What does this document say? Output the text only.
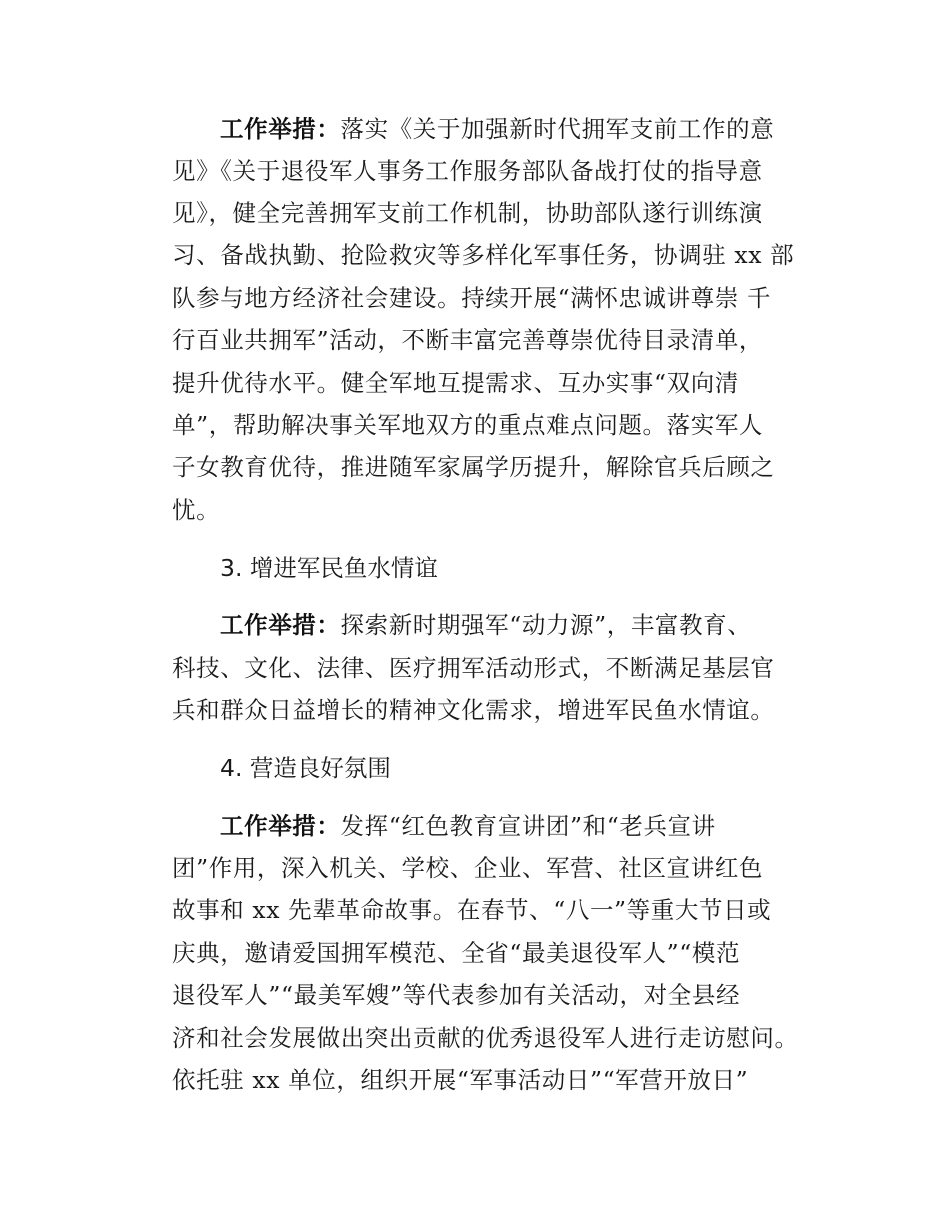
工作举措：落实《关于加强新时代拥军支前工作的意
见》《关于退役军人事务工作服务部队备战打仗的指导意
见》，健全完善拥军支前工作机制，协助部队遂行训练演
习、备战执勤、抢险救灾等多样化军事任务，协调驻 xx 部
队参与地方经济社会建设。持续开展“满怀忠诚讲尊崇 千
行百业共拥军”活动，不断丰富完善尊崇优待目录清单，
提升优待水平。健全军地互提需求、互办实事“双向清
单”，帮助解决事关军地双方的重点难点问题。落实军人
子女教育优待，推进随军家属学历提升，解除官兵后顾之
忧。
3. 增进军民鱼水情谊
工作举措：探索新时期强军“动力源”，丰富教育、
科技、文化、法律、医疗拥军活动形式，不断满足基层官
兵和群众日益增长的精神文化需求，增进军民鱼水情谊。
4. 营造良好氛围
工作举措：发挥“红色教育宣讲团”和“老兵宣讲
团”作用，深入机关、学校、企业、军营、社区宣讲红色
故事和 xx 先辈革命故事。在春节、“八一”等重大节日或
庆典，邀请爱国拥军模范、全省“最美退役军人”“模范
退役军人”“最美军嫂”等代表参加有关活动，对全县经
济和社会发展做出突出贡献的优秀退役军人进行走访慰问。
依托驻 xx 单位，组织开展“军事活动日”“军营开放日”
